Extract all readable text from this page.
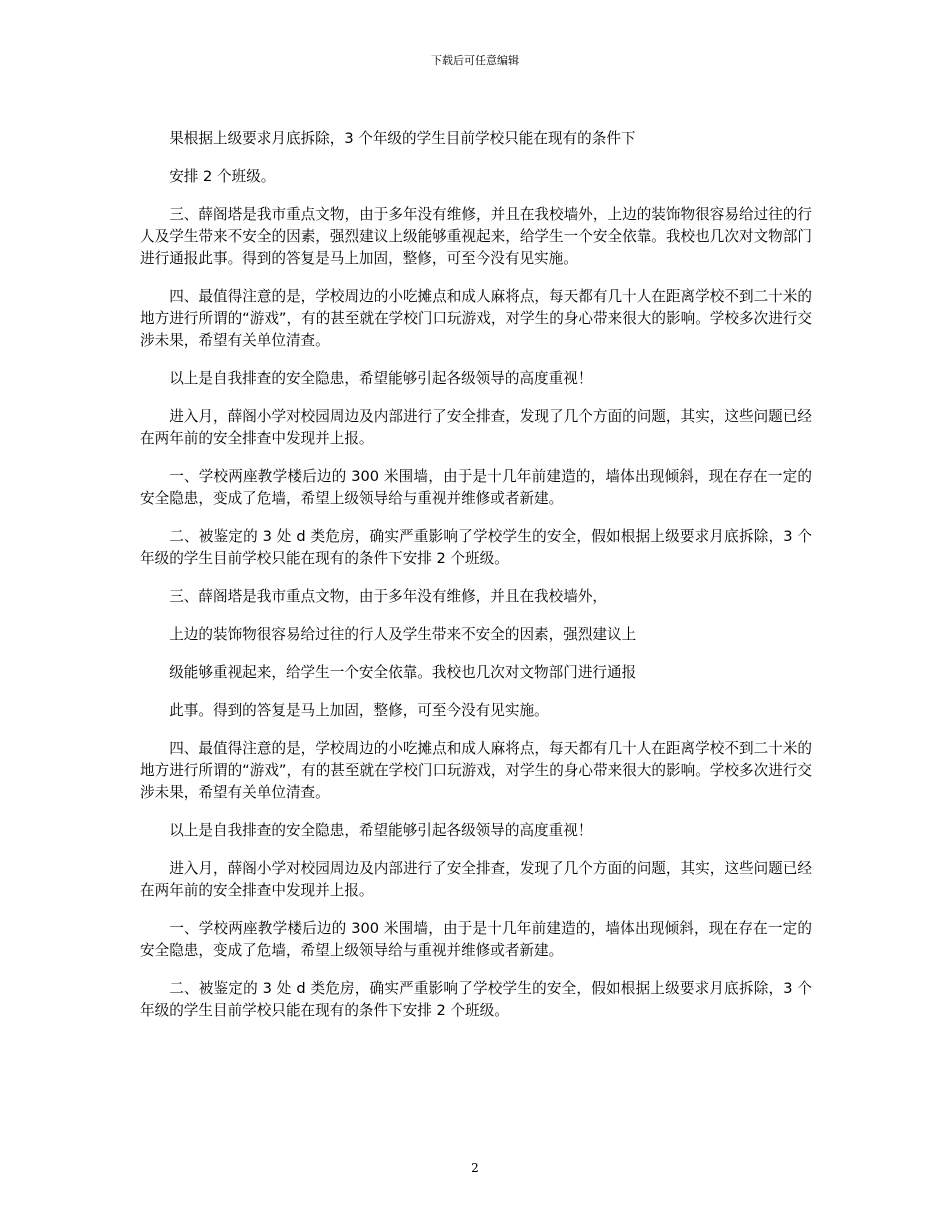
下载后可任意编辑

果根据上级要求月底拆除，3 个年级的学生目前学校只能在现有的条件下

安排 2 个班级。

三、薛阁塔是我市重点文物，由于多年没有维修，并且在我校墙外，上边的装饰物很容易给过往的行人及学生带来不安全的因素，强烈建议上级能够重视起来，给学生一个安全依靠。我校也几次对文物部门进行通报此事。得到的答复是马上加固，整修，可至今没有见实施。

四、最值得注意的是，学校周边的小吃摊点和成人麻将点，每天都有几十人在距离学校不到二十米的地方进行所谓的“游戏”，有的甚至就在学校门口玩游戏，对学生的身心带来很大的影响。学校多次进行交涉未果，希望有关单位清查。

以上是自我排查的安全隐患，希望能够引起各级领导的高度重视！

进入月，薛阁小学对校园周边及内部进行了安全排查，发现了几个方面的问题，其实，这些问题已经在两年前的安全排查中发现并上报。

一、学校两座教学楼后边的 300 米围墙，由于是十几年前建造的，墙体出现倾斜，现在存在一定的安全隐患，变成了危墙，希望上级领导给与重视并维修或者新建。

二、被鉴定的 3 处 d 类危房，确实严重影响了学校学生的安全，假如根据上级要求月底拆除，3 个年级的学生目前学校只能在现有的条件下安排 2 个班级。

三、薛阁塔是我市重点文物，由于多年没有维修，并且在我校墙外，

上边的装饰物很容易给过往的行人及学生带来不安全的因素，强烈建议上

级能够重视起来，给学生一个安全依靠。我校也几次对文物部门进行通报

此事。得到的答复是马上加固，整修，可至今没有见实施。

四、最值得注意的是，学校周边的小吃摊点和成人麻将点，每天都有几十人在距离学校不到二十米的地方进行所谓的“游戏”，有的甚至就在学校门口玩游戏，对学生的身心带来很大的影响。学校多次进行交涉未果，希望有关单位清查。

以上是自我排查的安全隐患，希望能够引起各级领导的高度重视！

进入月，薛阁小学对校园周边及内部进行了安全排查，发现了几个方面的问题，其实，这些问题已经在两年前的安全排查中发现并上报。

一、学校两座教学楼后边的 300 米围墙，由于是十几年前建造的，墙体出现倾斜，现在存在一定的安全隐患，变成了危墙，希望上级领导给与重视并维修或者新建。

二、被鉴定的 3 处 d 类危房，确实严重影响了学校学生的安全，假如根据上级要求月底拆除，3 个年级的学生目前学校只能在现有的条件下安排 2 个班级。

2
